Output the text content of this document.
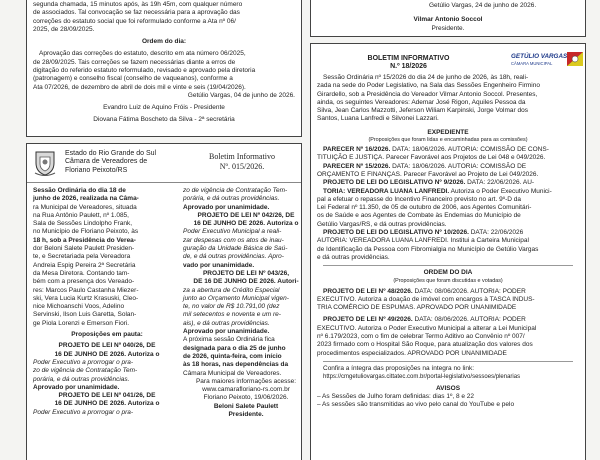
segunda chamada, 15 minutos após, às 19h 45m, com qualquer número

de associados. Tal convocação se faz necessária para a aprovação das

correções do estatuto social que foi reformulado conforme a Ata nº 06/

2025, de 28/09/2025.

Ordem do dia:

Aprovação das correções do estatuto, descrito em ata número 06/2025,

de 28/09/2025. Tais correções se fazem necessárias diante a erros de

digitação do referido estatuto reformulado, revisado e aprovado pela diretoria

(patronagem) e conselho fiscal (conselho de vaqueanos), conforme a

Ata 07/2026, de dezembro de abril de dois mil e vinte e seis (19/04/2026).

Getúlio Vargas, 04 de junho de 2026.

Evandro Luiz de Aquino Fróis - Presidente

Diovana Fátima Boscheto da Silva - 2ª secretária

Getúlio Vargas, 24 de junho de 2026.

Vilmar Antonio Soccol

Presidente.

Estado do Rio Grande do Sul

Câmara de Vereadores de

Floriano Peixoto/RS

Boletim Informativo

Nº. 015/2026.

Sessão Ordinária do dia 18 de

junho de 2026, realizada na Câma-

ra Municipal de Vereadores, situada

na Rua Antônio Paulett, nº 1.085,

Sala de Sessões Lindolpho Frank,

no Município de Floriano Peixoto, às

18 h, sob a Presidência do Verea-

dor Beloni Salete Paulett Presiden-

te, e Secretariada pela Vereadora

Andreia Espig Pereira 2ª Secretária

da Mesa Diretora. Contando tam-

bém com a presença dos Vereado-

res: Marcos Paulo Castanha Miezer-

ski, Vera Lucia Kurtz Krasuski, Cleo-

nice Michoanschi Voos, Adelino

Servinski, Ilson Luis Garetta, Solan-

ge Piola Lorenzi e Emerson Fiori.

Proposições em pauta:

PROJETO DE LEI Nº 040/26, DE

16 DE JUNHO DE 2026. Autoriza o

Poder Executivo a prorrogar o pra-

zo de vigência de Contratação Tem-

porária, e dá outras providências.

Aprovado por unanimidade.

PROJETO DE LEI Nº 041/26, DE

16 DE JUNHO DE 2026. Autoriza o

Poder Executivo a prorrogar o pra-

zo de vigência de Contratação Tem-

porária, e dá outras providências.

Aprovado por unanimidade.

PROJETO DE LEI Nº 042/26, DE

16 DE JUNHO DE 2026. Autoriza o

Poder Executivo Municipal a reali-

zar despesas com os atos de inau-

guração da Unidade Básica de Saú-

de, e dá outras providências. Apro-

vado por unanimidade.

PROJETO DE LEI Nº 043/26,

DE 16 DE JUNHO DE 2026. Autori-

za a abertura de Crédito Especial

junto ao Orçamento Municipal vigen-

te, no valor de R$ 10.791,00 (dez

mil setecentos e noventa e um re-

ais), e dá outras providências.

Aprovado por unanimidade.

A próxima sessão Ordinária fica

designada para o dia 25 de junho

de 2026, quinta-feira, com início

às 18 horas, nas dependências da

Câmara Municipal de Vereadores.

Para maiores informações acesse:

www.camarafloriano-rs.com.br

Floriano Peixoto, 19/06/2026.

Beloni Salete Paulett

Presidente.

BOLETIM INFORMATIVO

N.º 18/2026

GETÚLIO VARGAS

CÂMARA MUNICIPAL

Sessão Ordinária nº 15/2026 do dia 24 de junho de 2026, às 18h, reali-

zada na sede do Poder Legislativo, na Sala das Sessões Engenheiro Firmino

Girardello, sob a Presidência do Vereador Vilmar Antonio Soccol. Presentes,

ainda, os seguintes Vereadores: Ademar José Rigon, Aquiles Pessoa da

Silva, Jean Carlos Mazzotti, Jeferson Wiliam Karpinski, Jorge Volmar dos

Santos, Luana Lanfredi e Silvonei Lazzari.

EXPEDIENTE

(Proposições que foram lidas e encaminhadas para as comissões)

PARECER Nº 16/2026. DATA: 18/06/2026. AUTORIA: COMISSÃO DE CONS-

TITUIÇÃO E JUSTIÇA. Parecer Favorável aos Projetos de Lei 048 e 049/2026.

PARECER Nº 15/2026. DATA: 18/06/2026. AUTORIA: COMISSÃO DE

ORÇAMENTO E FINANÇAS. Parecer Favorável ao Projeto de Lei 049/2026.

PROJETO DE LEI DO LEGISLATIVO Nº 9/2026. DATA: 22/06/2026. AU-

TORIA: VEREADORA LUANA LANFREDI. Autoriza o Poder Executivo Munici-

pal a efetuar o repasse do Incentivo Financeiro previsto no art. 9º-D da

Lei Federal nº 11.350, de 05 de outubro de 2006, aos Agentes Comunitári-

os de Saúde e aos Agentes de Combate às Endemias do Município de

Getúlio Vargas/RS, e dá outras providências.

PROJETO DE LEI DO LEGISLATIVO Nº 10/2026. DATA: 22/06/2026

AUTORIA: VEREADORA LUANA LANFREDI. Institui a Carteira Municipal

de Identificação da Pessoa com Fibromialgia no Município de Getúlio Vargas

e dá outras providências.

ORDEM DO DIA

(Proposições que foram discutidas e votadas)

PROJETO DE LEI Nº 48/2026. DATA: 08/06/2026. AUTORIA: PODER

EXECUTIVO. Autoriza a doação de imóvel com encargos à TASCA INDUS-

TRIA COMÉRCIO DE ESPUMAS. APROVADO POR UNANIMIDADE

PROJETO DE LEI Nº 49/2026. DATA: 08/06/2026. AUTORIA: PODER

EXECUTIVO. Autoriza o Poder Executivo Municipal a alterar a Lei Municipal

nº 6.179/2023, com o fim de celebrar Termo Aditivo ao Convênio nº 007/

2023 firmado com o Hospital São Roque, para atualização dos valores dos

procedimentos especializados. APROVADO POR UNANIMIDADE

Confira a íntegra das proposições na íntegra no link:

https://cmgetuliovargas.cittatec.com.br/portal-legislativo/sessoes/plenarias

AVISOS

– As Sessões de Julho foram definidas: dias 1º, 8 e 22

– As sessões são transmitidas ao vivo pelo canal do YouTube e pelo
